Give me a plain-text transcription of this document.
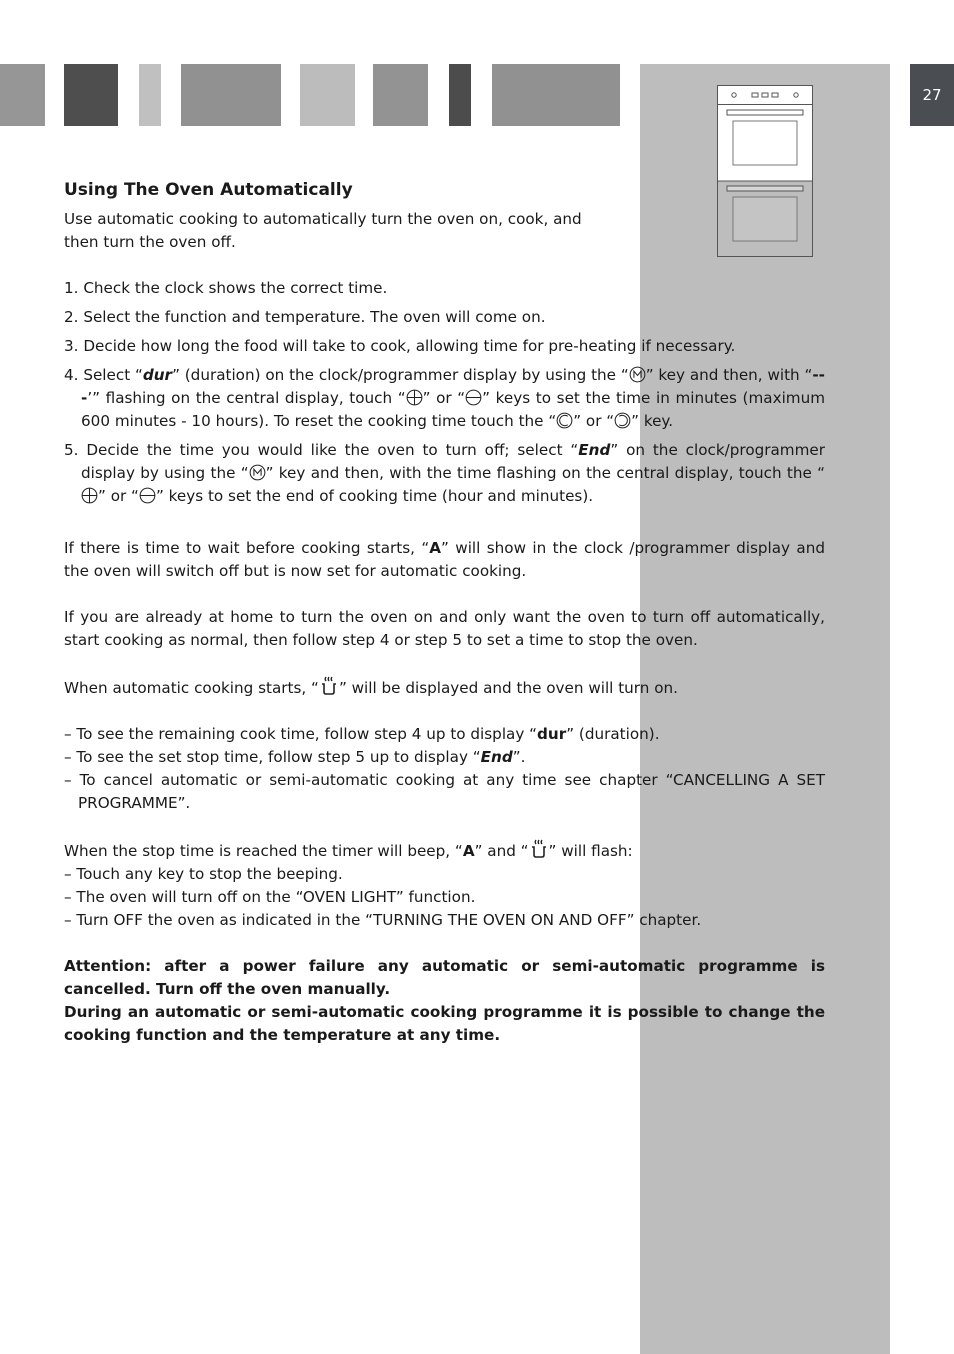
27
Using The Oven Automatically

Use automatic cooking to automatically turn the oven on, cook, and then turn the oven off.

1. Check the clock shows the correct time.
2. Select the function and temperature. The oven will come on.
3. Decide how long the food will take to cook, allowing time for pre-heating if necessary.
4. Select “dur” (duration) on the clock/programmer display by using the “ ” key and then, with “---’” flashing on the central display, touch “ ” or “ ” keys to set the time in minutes (maximum 600 minutes - 10 hours). To reset the cooking time touch the “ ” or “ ” key.
5. Decide the time you would like the oven to turn off; select “End” on the clock/programmer display by using the “ ” key and then, with the time flashing on the central display, touch the “
” or “ ” keys to set the end of cooking time (hour and minutes).

If there is time to wait before cooking starts, “A” will show in the clock /programmer display and the oven will switch off but is now set for automatic cooking.

If you are already at home to turn the oven on and only want the oven to turn off automatically, start cooking as normal, then follow step 4 or step 5 to set a time to stop the oven.

When automatic cooking starts, “ ” will be displayed and the oven will turn on.

– To see the remaining cook time, follow step 4 up to display “dur” (duration).

– To see the set stop time, follow step 5 up to display “End”.

– To cancel automatic or semi-automatic cooking at any time see chapter “CANCELLING A SET PROGRAMME”.

When the stop time is reached the timer will beep, “A” and “ ” will flash:

– Touch any key to stop the beeping.

– The oven will turn off on the “OVEN LIGHT” function.

– Turn OFF the oven as indicated in the “TURNING THE OVEN ON AND OFF” chapter.

Attention: after a power failure any automatic or semi-automatic programme is cancelled. Turn off the oven manually.

During an automatic or semi-automatic cooking programme it is possible to change the cooking function and the temperature at any time.
